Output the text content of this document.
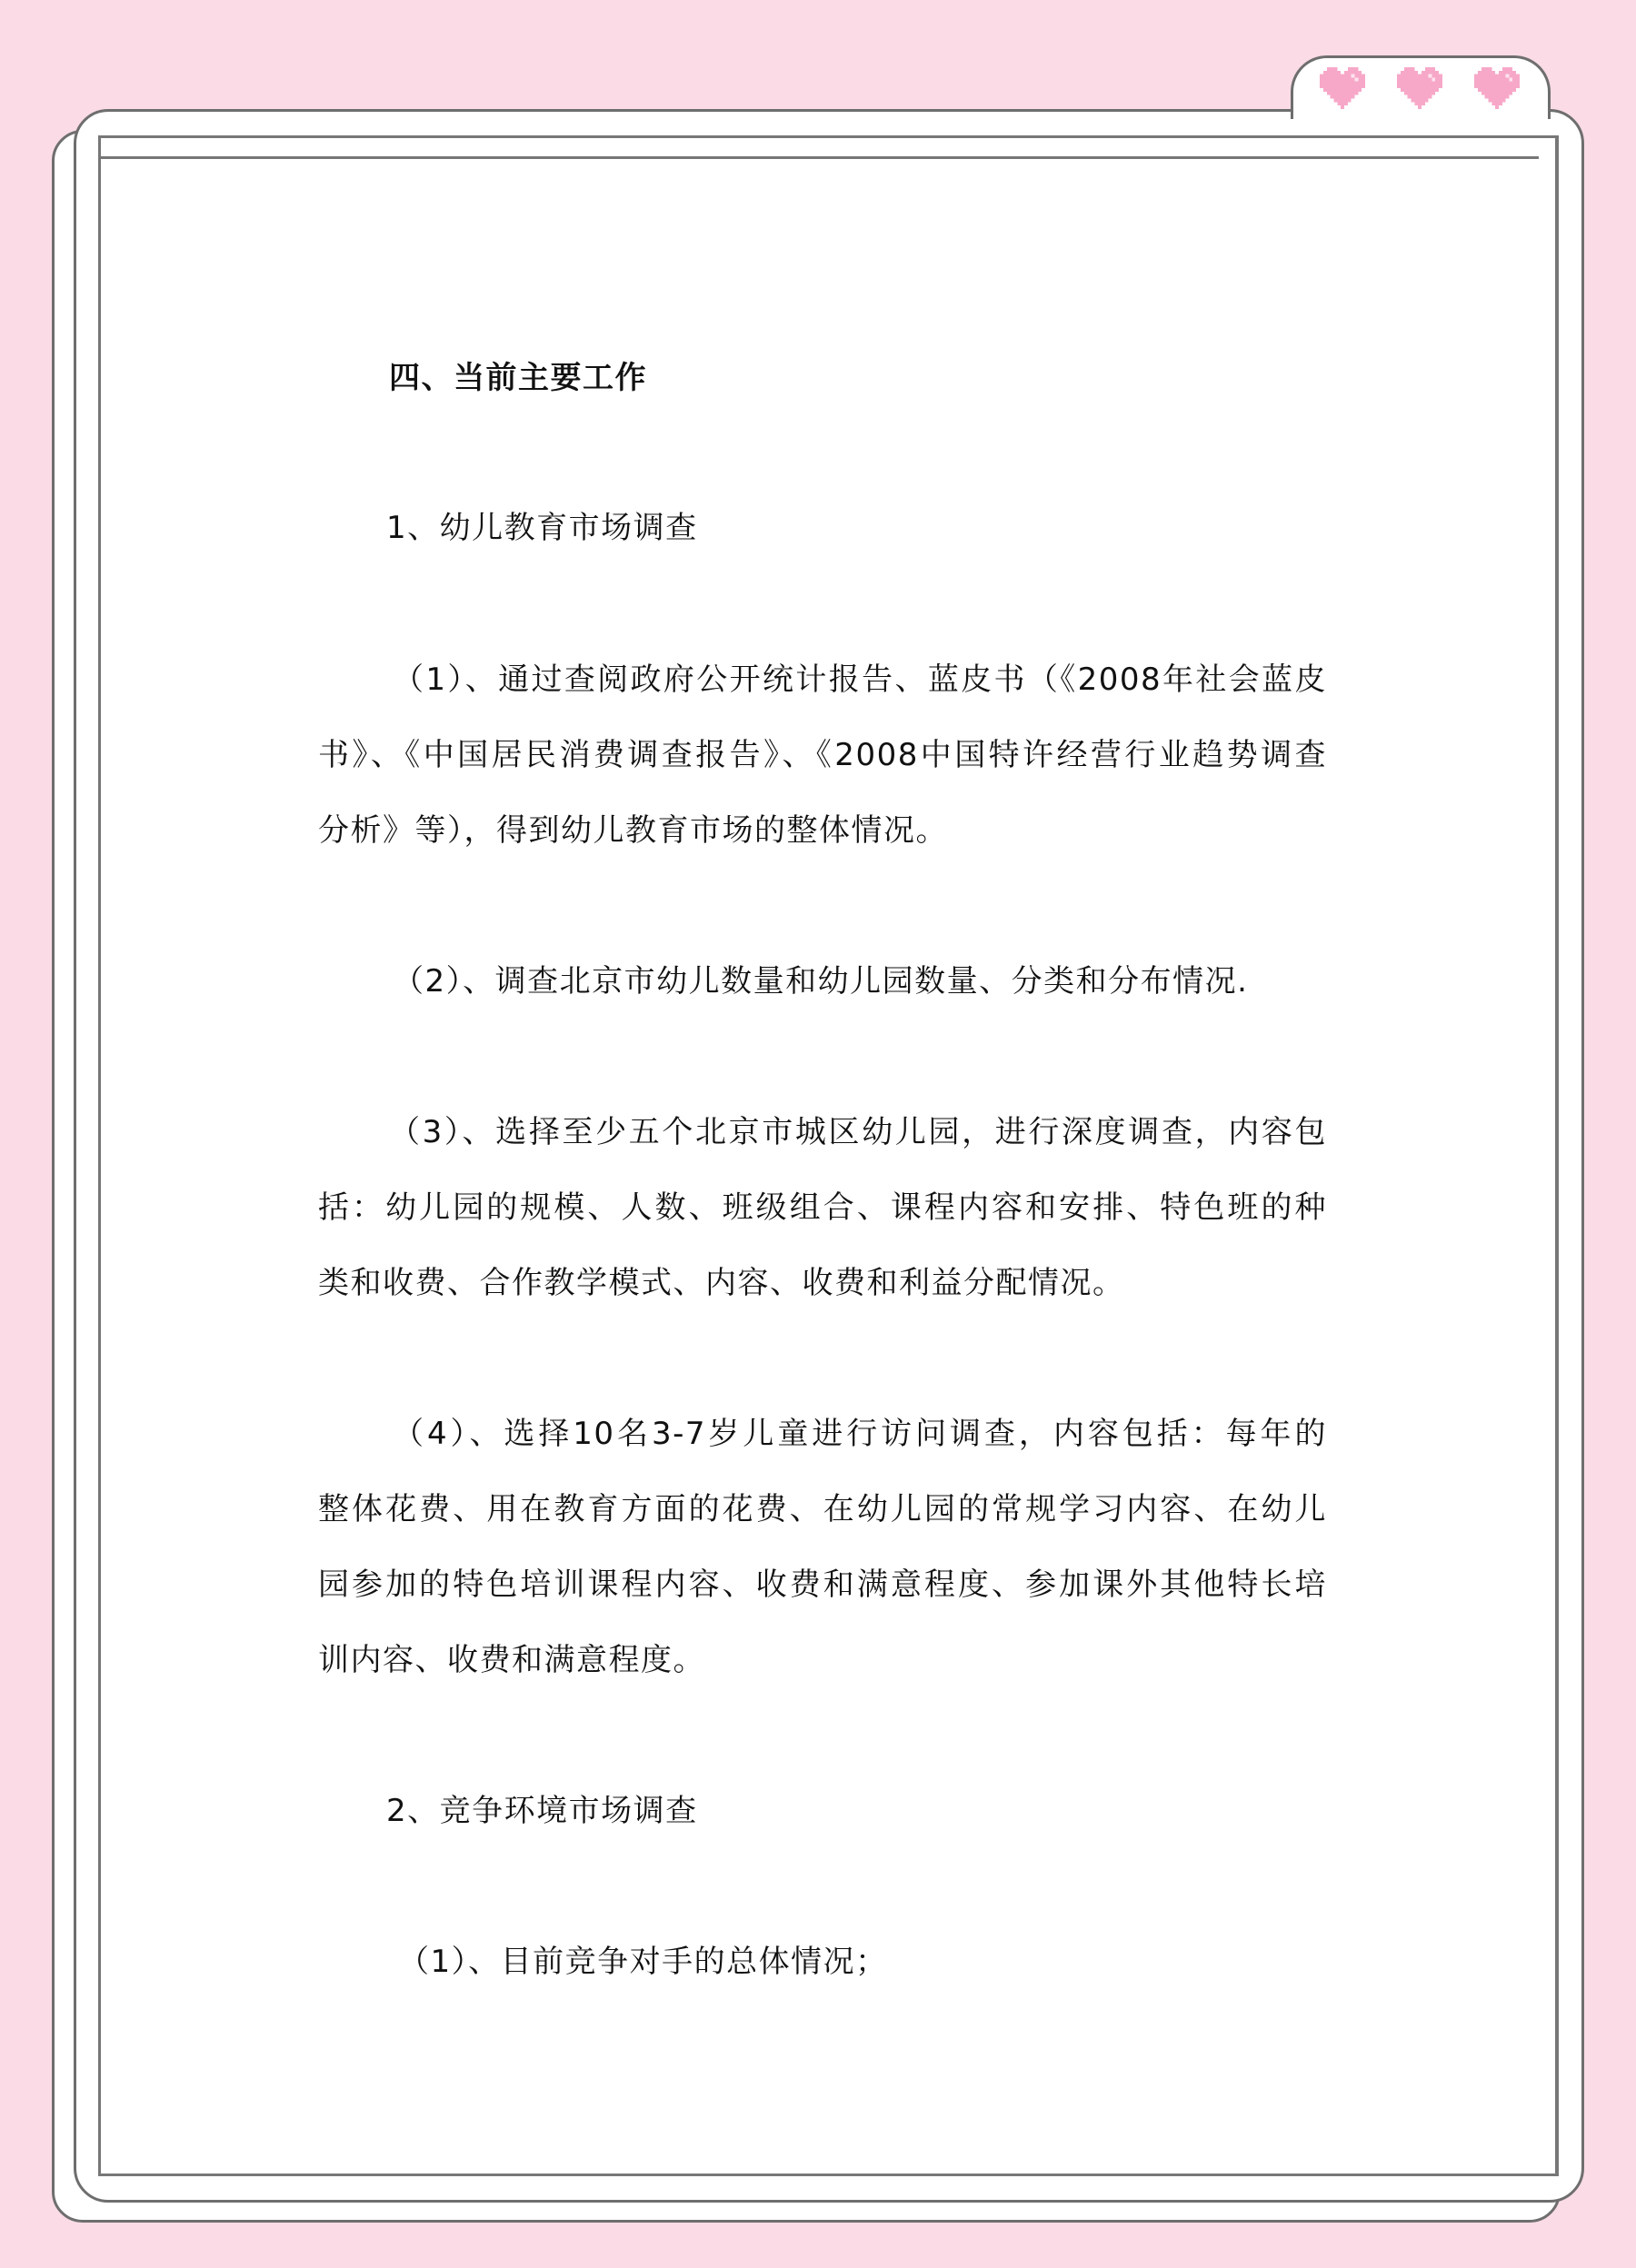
四、当前主要工作
1、幼儿教育市场调查
（1）、通过查阅政府公开统计报告、蓝皮书（《2008年社会蓝皮
书》、《中国居民消费调查报告》、《2008中国特许经营行业趋势调查
分析》等），得到幼儿教育市场的整体情况。
（2）、调查北京市幼儿数量和幼儿园数量、分类和分布情况.
（3）、选择至少五个北京市城区幼儿园，进行深度调查，内容包
括：幼儿园的规模、人数、班级组合、课程内容和安排、特色班的种
类和收费、合作教学模式、内容、收费和利益分配情况。
（4）、选择10名3-7岁儿童进行访问调查，内容包括：每年的
整体花费、用在教育方面的花费、在幼儿园的常规学习内容、在幼儿
园参加的特色培训课程内容、收费和满意程度、参加课外其他特长培
训内容、收费和满意程度。
2、竞争环境市场调查
（1）、目前竞争对手的总体情况；
